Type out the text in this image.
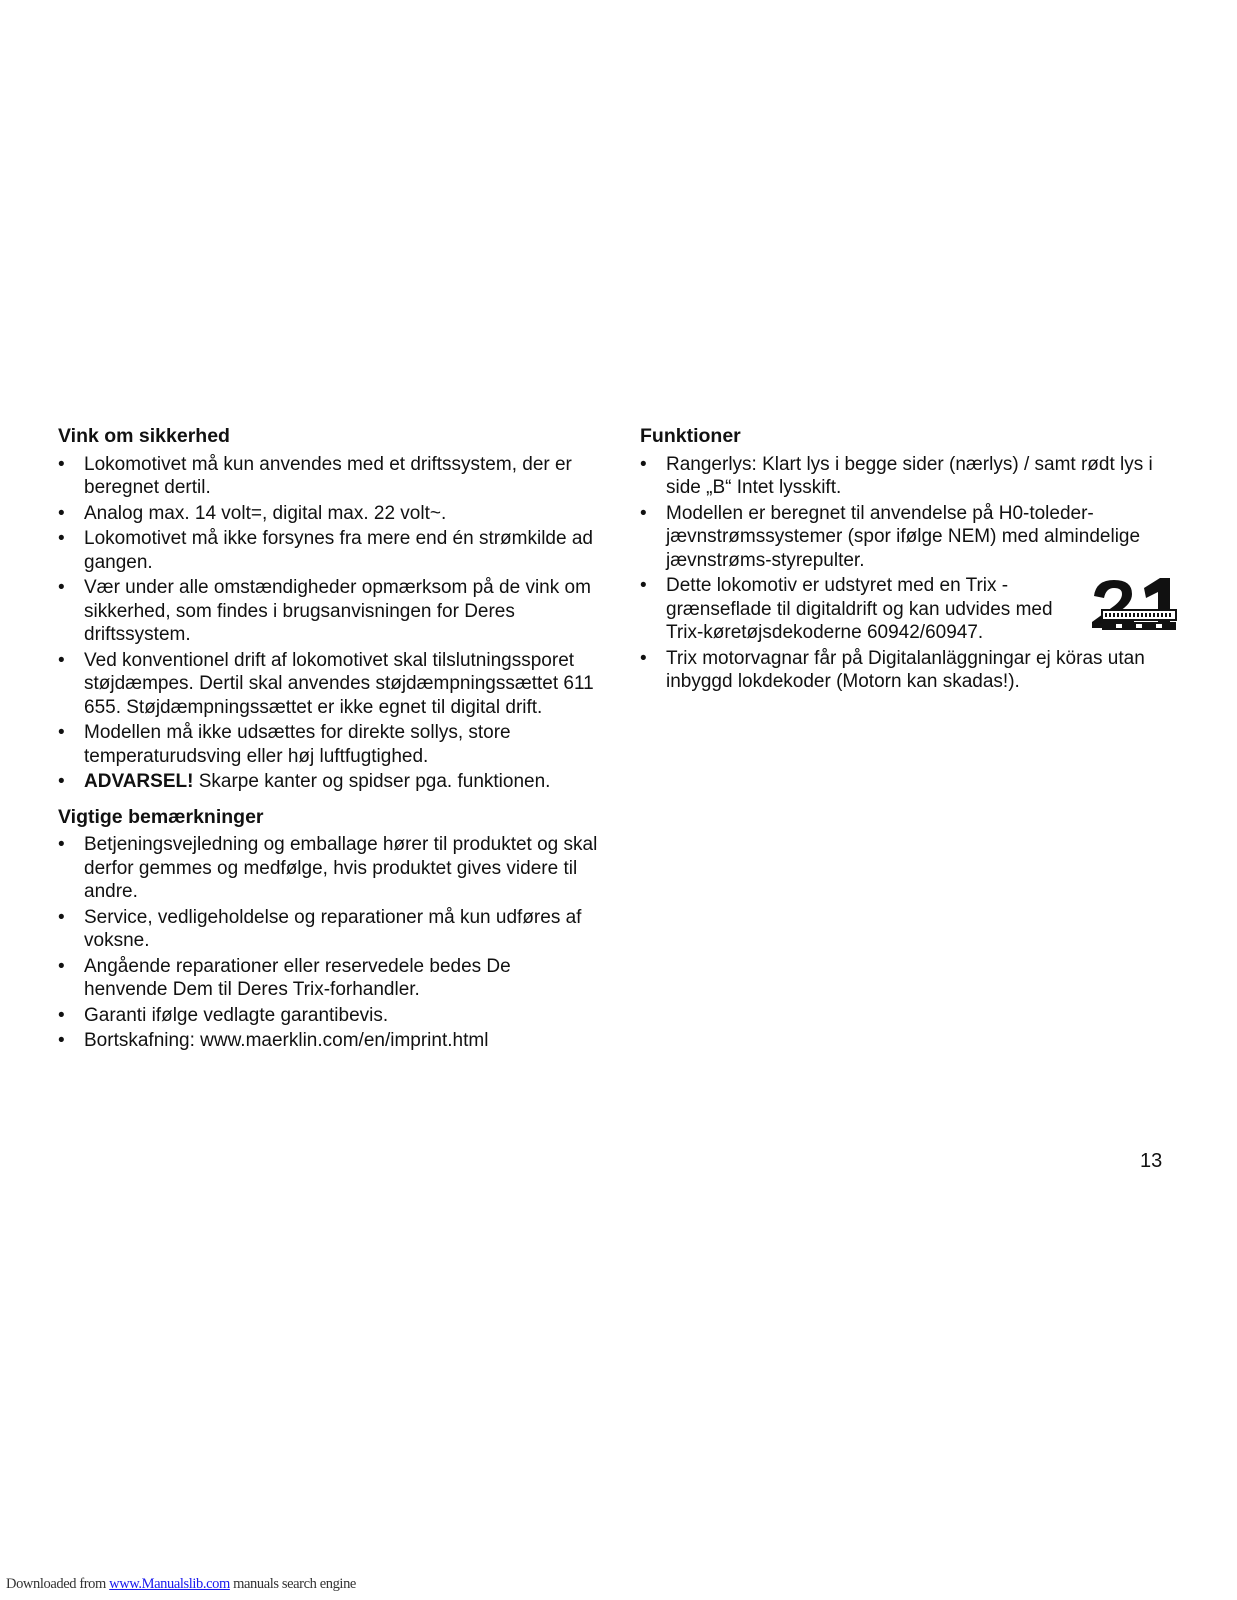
Vink om sikkerhed
• Lokomotivet må kun anvendes med et driftssystem, der er beregnet dertil.
• Analog max. 14 volt=, digital max. 22 volt~.
• Lokomotivet må ikke forsynes fra mere end én strømkilde ad gangen.
• Vær under alle omstændigheder opmærksom på de vink om sikkerhed, som findes i brugsanvisningen for Deres driftssystem.
• Ved konventionel drift af lokomotivet skal tilslutningssporet støjdæmpes. Dertil skal anvendes støjdæmpningssættet 611 655. Støjdæmpningssættet er ikke egnet til digital drift.
• Modellen må ikke udsættes for direkte sollys, store temperaturudsving eller høj luftfugtighed.
• ADVARSEL! Skarpe kanter og spidser pga. funktionen.
Vigtige bemærkninger
• Betjeningsvejledning og emballage hører til produktet og skal derfor gemmes og medfølge, hvis produktet gives videre til andre.
• Service, vedligeholdelse og reparationer må kun udføres af voksne.
• Angående reparationer eller reservedele bedes De henvende Dem til Deres Trix-forhandler.
• Garanti ifølge vedlagte garantibevis.
• Bortskafning: www.maerklin.com/en/imprint.html
Funktioner
• Rangerlys: Klart lys i begge sider (nærlys) / samt rødt lys i side „B“ Intet lysskift.
• Modellen er beregnet til anvendelse på H0-toleder-jævnstrømssystemer (spor ifølge NEM) med almindelige jævnstrøms-styrepulter.
• Dette lokomotiv er udstyret med en Trix - grænseflade til digitaldrift og kan udvides med Trix-køretøjsdekoderne 60942/60947.
• Trix motorvagnar får på Digitalanläggningar ej köras utan inbyggd lokdekoder (Motorn kan skadas!).
13
Downloaded from www.Manualslib.com manuals search engine
